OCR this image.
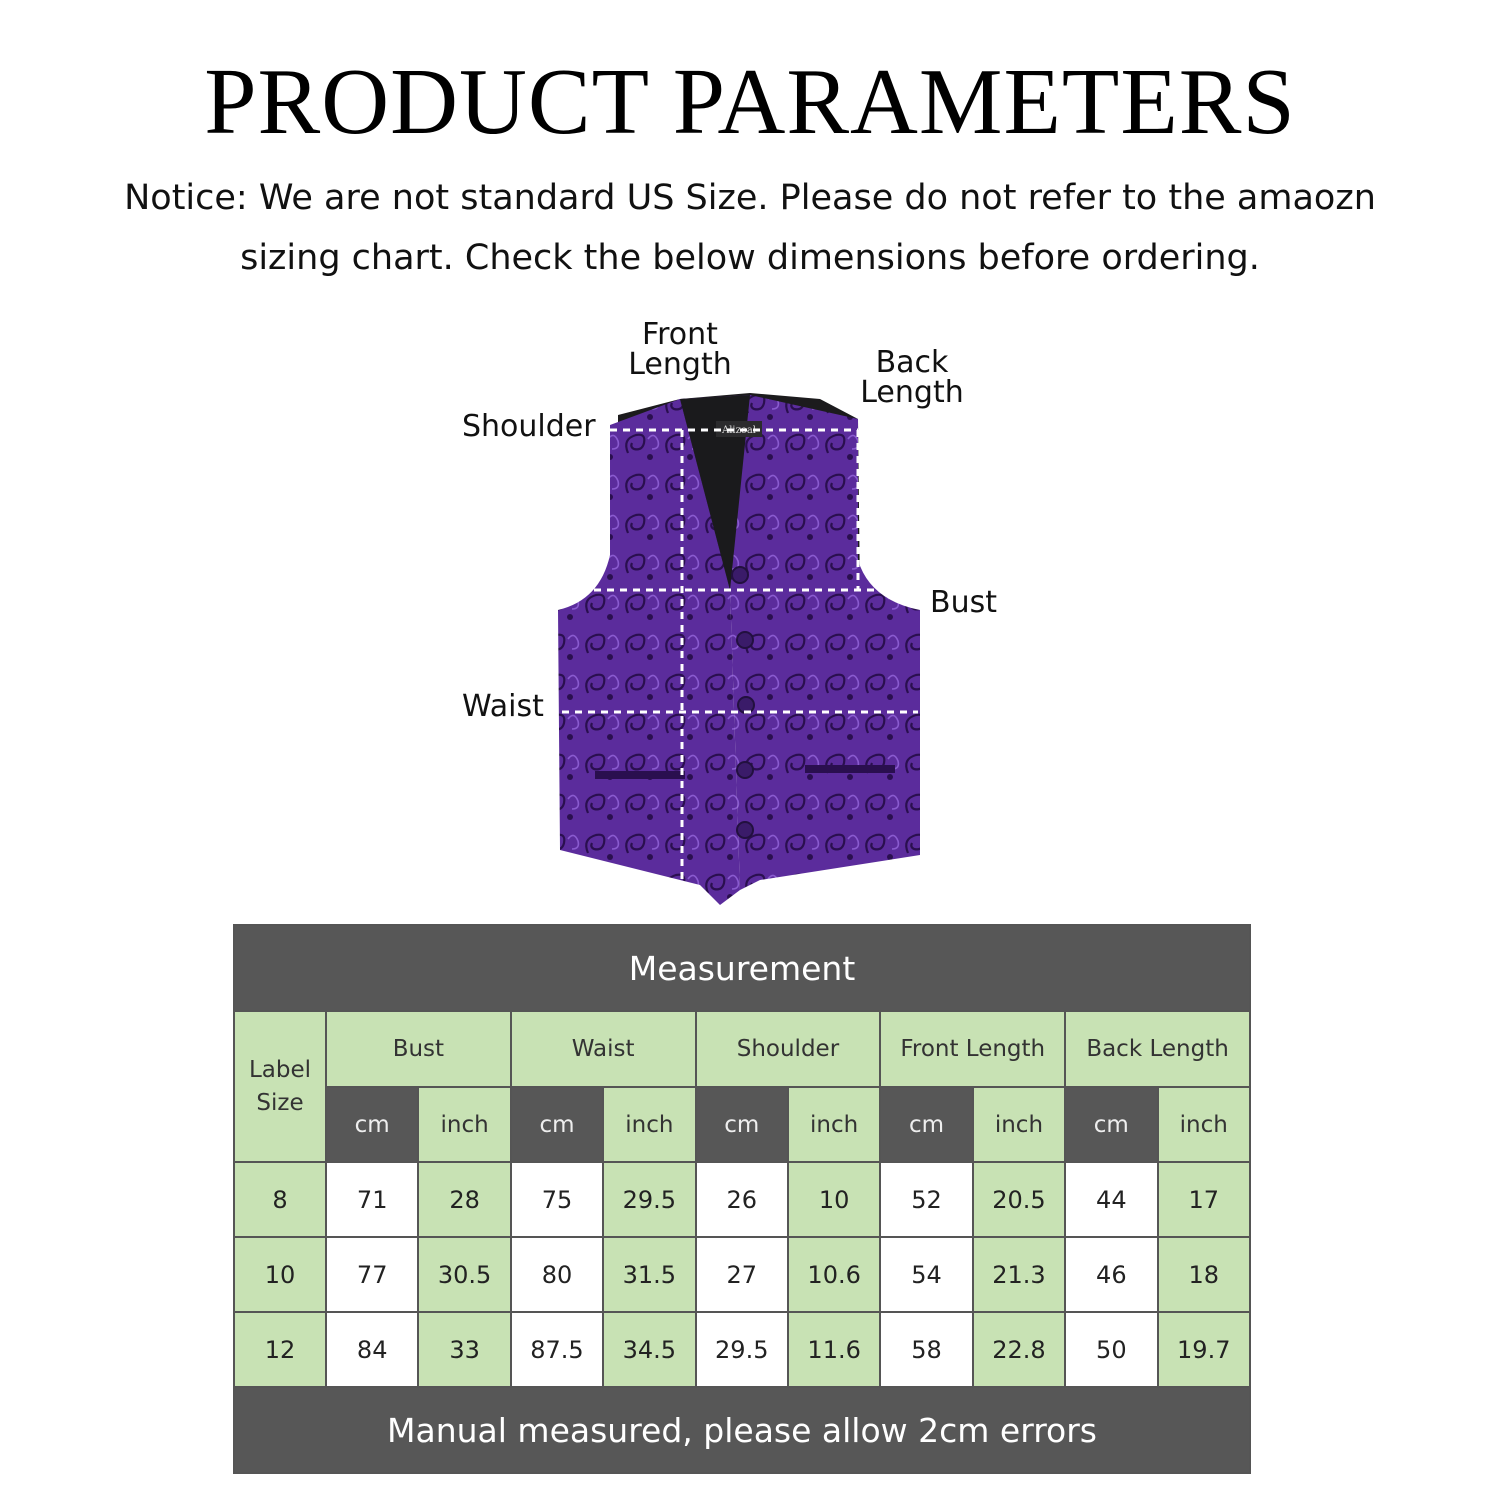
PRODUCT PARAMETERS
Notice: We are not standard US Size. Please do not refer to the amaozn
sizing chart. Check the below dimensions before ordering.
Front
Length	Back
Length
Shoulder
Bust
Waist
Alizeal
Measurement										

Label
Size	Bust		Waist		Shoulder		Front Length		Back Length	
	cm	inch	cm	inch	cm	inch	cm	inch	cm	inch
8	71	28	75	29.5	26	10	52	20.5	44	17
10	77	30.5	80	31.5	27	10.6	54	21.3	46	18
12	84	33	87.5	34.5	29.5	11.6	58	22.8	50	19.7
Manual measured, please allow 2cm errors										
